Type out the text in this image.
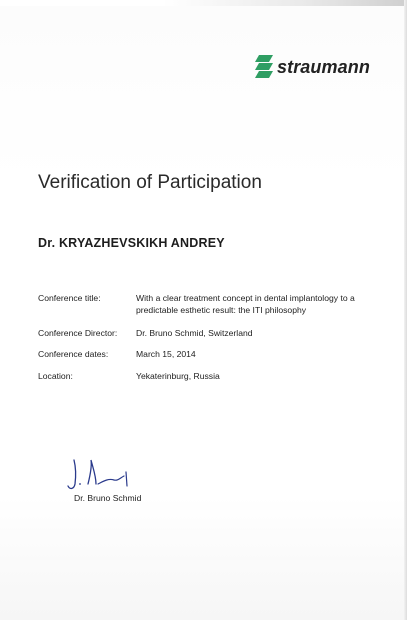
straumann
Verification of Participation
Dr. KRYAZHEVSKIKH ANDREY
Conference title:	With a clear treatment concept in dental implantology to a predictable esthetic result: the ITI philosophy
Conference Director:	Dr. Bruno Schmid, Switzerland
Conference dates:	March 15, 2014
Location:	Yekaterinburg, Russia
Dr. Bruno Schmid
